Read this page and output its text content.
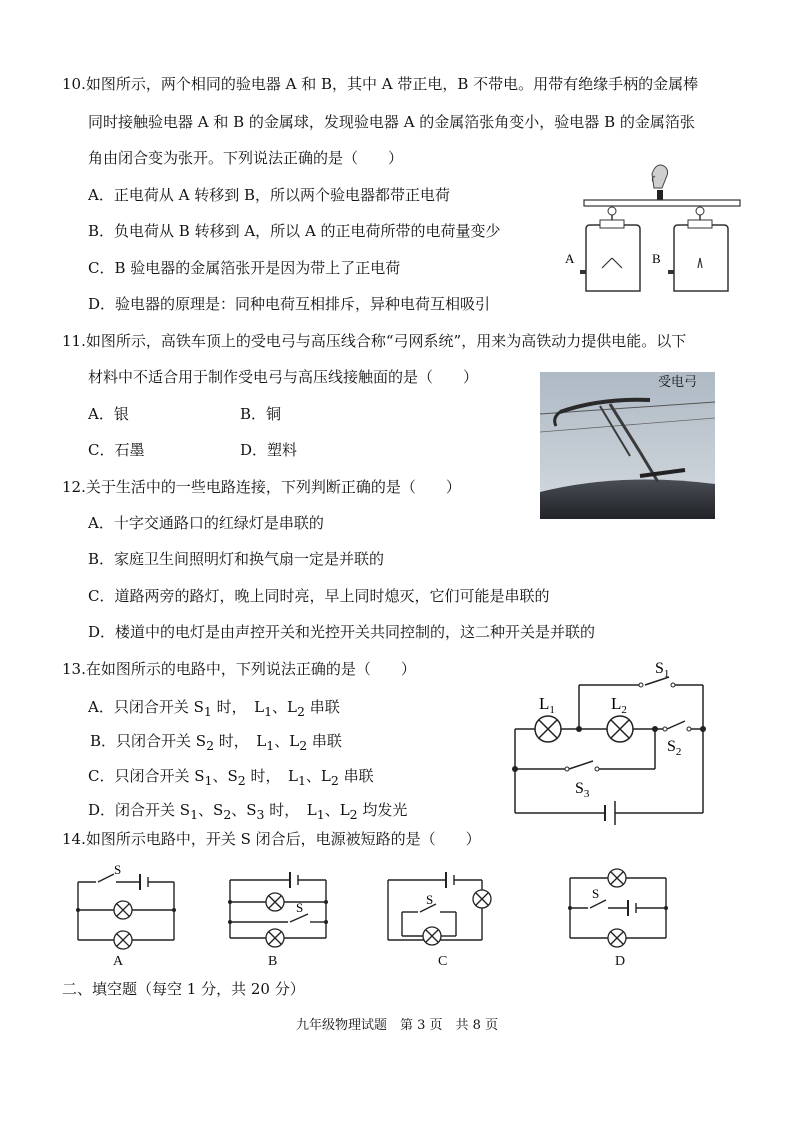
10.如图所示，两个相同的验电器 A 和 B，其中 A 带正电，B 不带电。用带有绝缘手柄的金属棒
同时接触验电器 A 和 B 的金属球，发现验电器 A 的金属箔张角变小，验电器 B 的金属箔张
角由闭合变为张开。下列说法正确的是（　　）
A．正电荷从 A 转移到 B，所以两个验电器都带正电荷
B．负电荷从 B 转移到 A，所以 A 的正电荷所带的电荷量变少
C．B 验电器的金属箔张开是因为带上了正电荷
D．验电器的原理是：同种电荷互相排斥，异种电荷互相吸引
A	B
11.如图所示，高铁车顶上的受电弓与高压线合称“弓网系统”，用来为高铁动力提供电能。以下
材料中不适合用于制作受电弓与高压线接触面的是（　　）
A．银	B．铜
C．石墨	D．塑料
受电弓
12.关于生活中的一些电路连接，下列判断正确的是（　　）
A．十字交通路口的红绿灯是串联的
B．家庭卫生间照明灯和换气扇一定是并联的
C．道路两旁的路灯，晚上同时亮，早上同时熄灭，它们可能是串联的
D．楼道中的电灯是由声控开关和光控开关共同控制的，这二种开关是并联的
13.在如图所示的电路中，下列说法正确的是（　　）
A．只闭合开关 $S_1$ 时，　$L_1$、$L_2$ 串联
B．只闭合开关 $S_2$ 时，　$L_1$、$L_2$ 串联
C．只闭合开关 $S_1$、$S_2$ 时，　$L_1$、$L_2$ 串联
D．闭合开关 $S_1$、$S_2$、$S_3$ 时，　$L_1$、$L_2$ 均发光
$L_1$	$L_2$
$S_1$
$S_2$
$S_3$
14.如图所示电路中，开关 S 闭合后，电源被短路的是（　　）
S
A
S
B
S
C
S
D
二、填空题（每空 1 分，共 20 分）
九年级物理试题　第 3 页　共 8 页
